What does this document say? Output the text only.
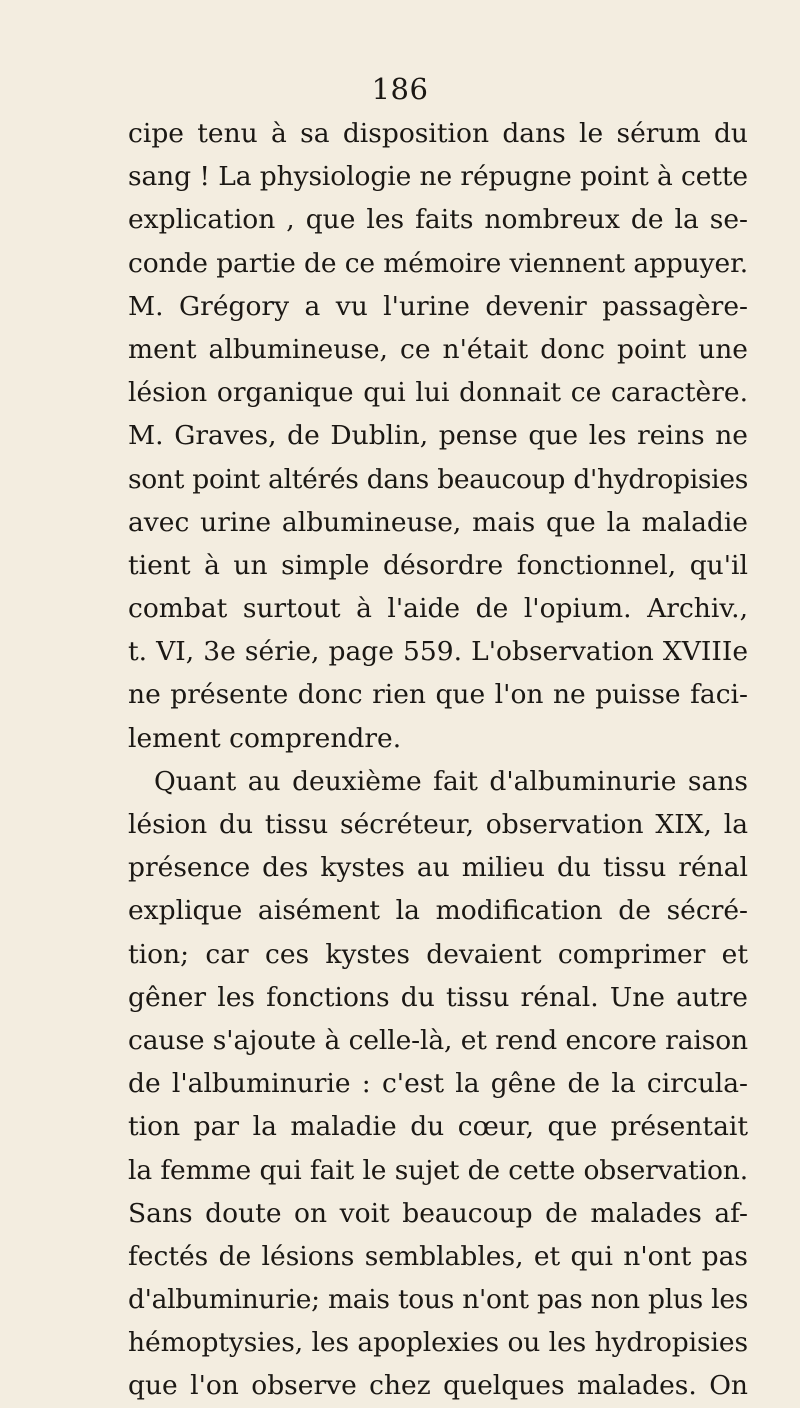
186
cipe tenu à sa disposition dans le sérum du
sang ! La physiologie ne répugne point à cette
explication , que les faits nombreux de la se-
conde partie de ce mémoire viennent appuyer.
M. Grégory a vu l'urine devenir passagère-
ment albumineuse, ce n'était donc point une
lésion organique qui lui donnait ce caractère.
M. Graves, de Dublin, pense que les reins ne
sont point altérés dans beaucoup d'hydropisies
avec urine albumineuse, mais que la maladie
tient à un simple désordre fonctionnel, qu'il
combat surtout à l'aide de l'opium. Archiv.,
t. VI, 3e série, page 559. L'observation XVIIIe
ne présente donc rien que l'on ne puisse faci-
lement comprendre.
Quant au deuxième fait d'albuminurie sans
lésion du tissu sécréteur, observation XIX, la
présence des kystes au milieu du tissu rénal
explique aisément la modification de sécré-
tion; car ces kystes devaient comprimer et
gêner les fonctions du tissu rénal. Une autre
cause s'ajoute à celle-là, et rend encore raison
de l'albuminurie : c'est la gêne de la circula-
tion par la maladie du cœur, que présentait
la femme qui fait le sujet de cette observation.
Sans doute on voit beaucoup de malades af-
fectés de lésions semblables, et qui n'ont pas
d'albuminurie; mais tous n'ont pas non plus les
hémoptysies, les apoplexies ou les hydropisies
que l'on observe chez quelques malades. On
